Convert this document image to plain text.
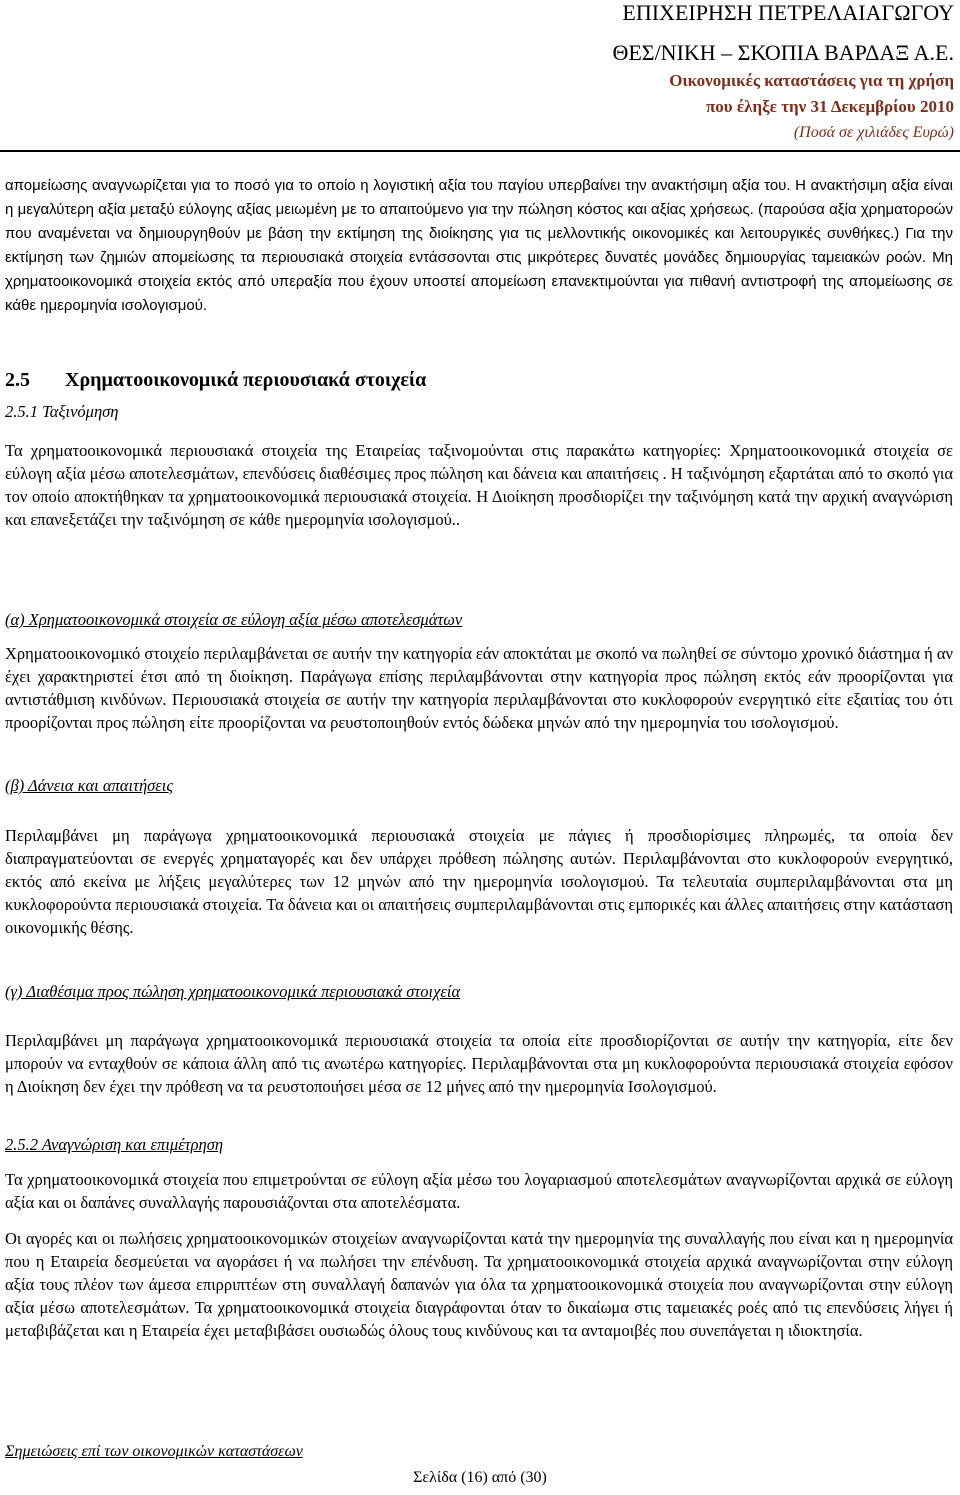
ΕΠΙΧΕΙΡΗΣΗ ΠΕΤΡΕΛΑΙΑΓΩΓΟΥ
ΘΕΣ/ΝΙΚΗ – ΣΚΟΠΙΑ ΒΑΡΔΑΞ Α.Ε.
Οικονομικές καταστάσεις για τη χρήση
που έληξε την 31 Δεκεμβρίου 2010
(Ποσά σε χιλιάδες Ευρώ)

απομείωσης αναγνωρίζεται για το ποσό για το οποίο η λογιστική αξία του παγίου υπερβαίνει την ανακτήσιμη αξία του. Η ανακτήσιμη αξία είναι η μεγαλύτερη αξία μεταξύ εύλογης αξίας μειωμένη με το απαιτούμενο για την πώληση κόστος και αξίας χρήσεως. (παρούσα αξία χρηματοροών που αναμένεται να δημιουργηθούν με βάση την εκτίμηση της διοίκησης για τις μελλοντικής οικονομικές και λειτουργικές συνθήκες.) Για την εκτίμηση των ζημιών απομείωσης τα περιουσιακά στοιχεία εντάσσονται στις μικρότερες δυνατές μονάδες δημιουργίας ταμειακών ροών. Μη χρηματοοικονομικά στοιχεία εκτός από υπεραξία που έχουν υποστεί απομείωση επανεκτιμούνται για πιθανή αντιστροφή της απομείωσης σε κάθε ημερομηνία ισολογισμού.

2.5 Χρηματοοικονομικά περιουσιακά στοιχεία
2.5.1 Ταξινόμηση

Τα χρηματοοικονομικά περιουσιακά στοιχεία της Εταιρείας ταξινομούνται στις παρακάτω κατηγορίες: Χρηματοοικονομικά στοιχεία σε εύλογη αξία μέσω αποτελεσμάτων, επενδύσεις διαθέσιμες προς πώληση και δάνεια και απαιτήσεις . Η ταξινόμηση εξαρτάται από το σκοπό για τον οποίο αποκτήθηκαν τα χρηματοοικονομικά περιουσιακά στοιχεία. Η Διοίκηση προσδιορίζει την ταξινόμηση κατά την αρχική αναγνώριση και επανεξετάζει την ταξινόμηση σε κάθε ημερομηνία ισολογισμού..

(α) Χρηματοοικονομικά στοιχεία σε εύλογη αξία μέσω αποτελεσμάτων

Χρηματοοικονομικό στοιχείο περιλαμβάνεται σε αυτήν την κατηγορία εάν αποκτάται με σκοπό να πωληθεί σε σύντομο χρονικό διάστημα ή αν έχει χαρακτηριστεί έτσι από τη διοίκηση. Παράγωγα επίσης περιλαμβάνονται στην κατηγορία προς πώληση εκτός εάν προορίζονται για αντιστάθμιση κινδύνων. Περιουσιακά στοιχεία σε αυτήν την κατηγορία περιλαμβάνονται στο κυκλοφορούν ενεργητικό είτε εξαιτίας του ότι προορίζονται προς πώληση είτε προορίζονται να ρευστοποιηθούν εντός δώδεκα μηνών από την ημερομηνία του ισολογισμού.

(β) Δάνεια και απαιτήσεις

Περιλαμβάνει μη παράγωγα χρηματοοικονομικά περιουσιακά στοιχεία με πάγιες ή προσδιορίσιμες πληρωμές, τα οποία δεν διαπραγματεύονται σε ενεργές χρηματαγορές και δεν υπάρχει πρόθεση πώλησης αυτών. Περιλαμβάνονται στο κυκλοφορούν ενεργητικό, εκτός από εκείνα με λήξεις μεγαλύτερες των 12 μηνών από την ημερομηνία ισολογισμού. Τα τελευταία συμπεριλαμβάνονται στα μη κυκλοφορούντα περιουσιακά στοιχεία. Τα δάνεια και οι απαιτήσεις συμπεριλαμβάνονται στις εμπορικές και άλλες απαιτήσεις στην κατάσταση οικονομικής θέσης.

(γ) Διαθέσιμα προς πώληση χρηματοοικονομικά περιουσιακά στοιχεία

Περιλαμβάνει μη παράγωγα χρηματοοικονομικά περιουσιακά στοιχεία τα οποία είτε προσδιορίζονται σε αυτήν την κατηγορία, είτε δεν μπορούν να ενταχθούν σε κάποια άλλη από τις ανωτέρω κατηγορίες. Περιλαμβάνονται στα μη κυκλοφορούντα περιουσιακά στοιχεία εφόσον η Διοίκηση δεν έχει την πρόθεση να τα ρευστοποιήσει μέσα σε 12 μήνες από την ημερομηνία Ισολογισμού.

2.5.2 Αναγνώριση και επιμέτρηση

Τα χρηματοοικονομικά στοιχεία που επιμετρούνται σε εύλογη αξία μέσω του λογαριασμού αποτελεσμάτων αναγνωρίζονται αρχικά σε εύλογη αξία και οι δαπάνες συναλλαγής παρουσιάζονται στα αποτελέσματα.

Οι αγορές και οι πωλήσεις χρηματοοικονομικών στοιχείων αναγνωρίζονται κατά την ημερομηνία της συναλλαγής που είναι και η ημερομηνία που η Εταιρεία δεσμεύεται να αγοράσει ή να πωλήσει την επένδυση. Τα χρηματοοικονομικά στοιχεία αρχικά αναγνωρίζονται στην εύλογη αξία τους πλέον των άμεσα επιρριπτέων στη συναλλαγή δαπανών για όλα τα χρηματοοικονομικά στοιχεία που αναγνωρίζονται στην εύλογη αξία μέσω αποτελεσμάτων. Τα χρηματοοικονομικά στοιχεία διαγράφονται όταν το δικαίωμα στις ταμειακές ροές από τις επενδύσεις λήγει ή μεταβιβάζεται και η Εταιρεία έχει μεταβιβάσει ουσιωδώς όλους τους κινδύνους και τα ανταμοιβές που συνεπάγεται η ιδιοκτησία.

Σημειώσεις επί των οικονομικών καταστάσεων
Σελίδα (16) από (30)
